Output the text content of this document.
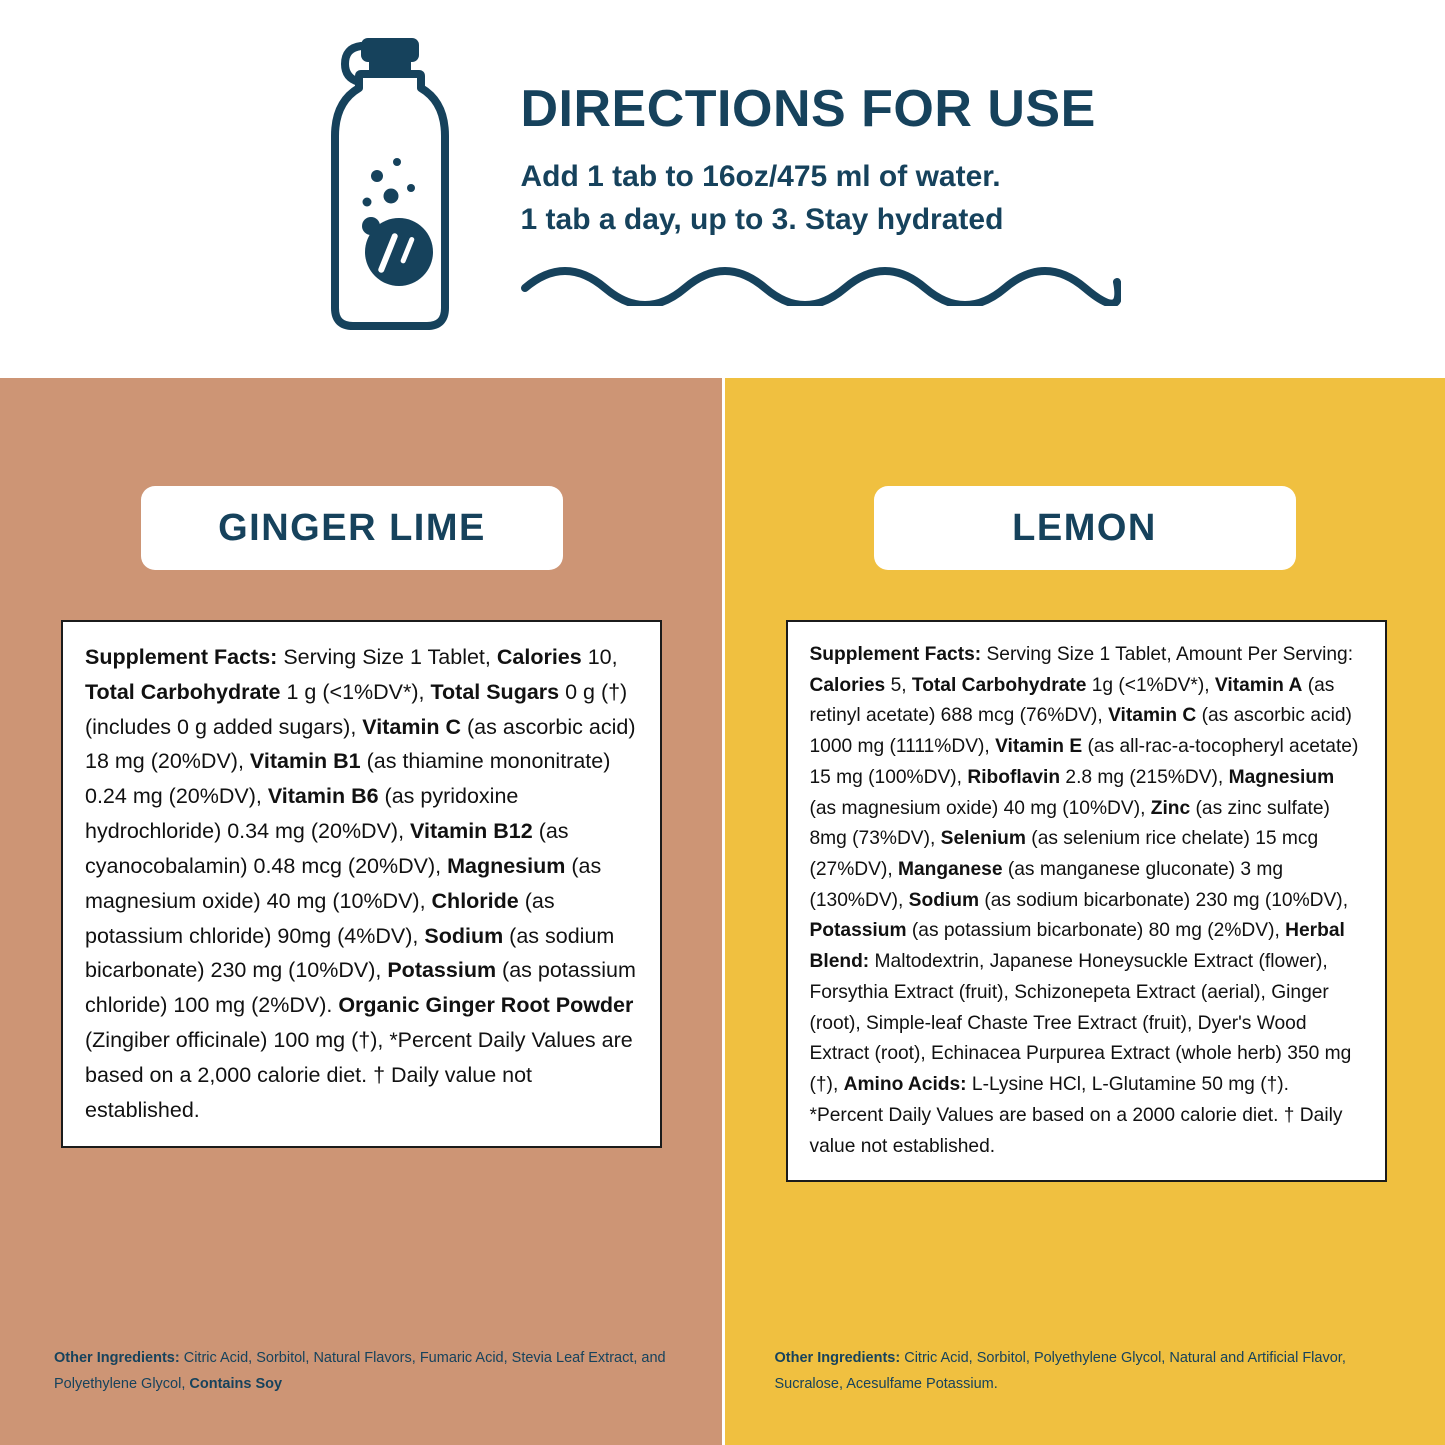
DIRECTIONS FOR USE
Add 1 tab to 16oz/475 ml of water.
1 tab a day, up to 3. Stay hydrated
GINGER LIME
Supplement Facts: Serving Size 1 Tablet, Calories 10, Total Carbohydrate 1 g (<1%DV*), Total Sugars 0 g (†) (includes 0 g added sugars), Vitamin C (as ascorbic acid) 18 mg (20%DV), Vitamin B1 (as thiamine mononitrate) 0.24 mg (20%DV), Vitamin B6 (as pyridoxine hydrochloride) 0.34 mg (20%DV), Vitamin B12 (as cyanocobalamin) 0.48 mcg (20%DV), Magnesium (as magnesium oxide) 40 mg (10%DV), Chloride (as potassium chloride) 90mg (4%DV), Sodium (as sodium bicarbonate) 230 mg (10%DV), Potassium (as potassium chloride) 100 mg (2%DV). Organic Ginger Root Powder (Zingiber officinale) 100 mg (†), *Percent Daily Values are based on a 2,000 calorie diet. † Daily value not established.
Other Ingredients: Citric Acid, Sorbitol, Natural Flavors, Fumaric Acid, Stevia Leaf Extract, and Polyethylene Glycol, Contains Soy
LEMON
Supplement Facts: Serving Size 1 Tablet, Amount Per Serving: Calories 5, Total Carbohydrate 1g (<1%DV*), Vitamin A (as retinyl acetate) 688 mcg (76%DV), Vitamin C (as ascorbic acid) 1000 mg (1111%DV), Vitamin E (as all-rac-a-tocopheryl acetate) 15 mg (100%DV), Riboflavin 2.8 mg (215%DV), Magnesium (as magnesium oxide) 40 mg (10%DV), Zinc (as zinc sulfate) 8mg (73%DV), Selenium (as selenium rice chelate) 15 mcg (27%DV), Manganese (as manganese gluconate) 3 mg (130%DV), Sodium (as sodium bicarbonate) 230 mg (10%DV), Potassium (as potassium bicarbonate) 80 mg (2%DV), Herbal Blend: Maltodextrin, Japanese Honeysuckle Extract (flower), Forsythia Extract (fruit), Schizonepeta Extract (aerial), Ginger (root), Simple-leaf Chaste Tree Extract (fruit), Dyer's Wood Extract (root), Echinacea Purpurea Extract (whole herb) 350 mg (†), Amino Acids: L-Lysine HCl, L-Glutamine 50 mg (†). *Percent Daily Values are based on a 2000 calorie diet. † Daily value not established.
Other Ingredients: Citric Acid, Sorbitol, Polyethylene Glycol, Natural and Artificial Flavor, Sucralose, Acesulfame Potassium.
